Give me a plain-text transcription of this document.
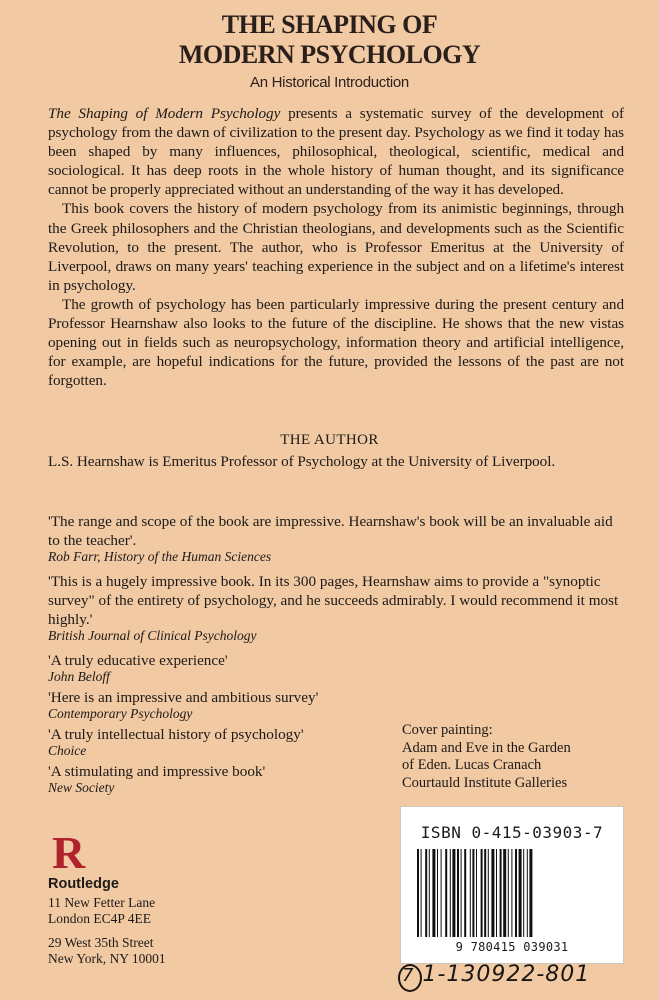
THE SHAPING OF
MODERN PSYCHOLOGY
An Historical Introduction

The Shaping of Modern Psychology presents a systematic survey of the development of psychology from the dawn of civilization to the present day. Psychology as we find it today has been shaped by many influences, philosophical, theological, scientific, medical and sociological. It has deep roots in the whole history of human thought, and its significance cannot be properly appreciated without an understanding of the way it has developed.

This book covers the history of modern psychology from its animistic beginnings, through the Greek philosophers and the Christian theologians, and developments such as the Scientific Revolution, to the present. The author, who is Professor Emeritus at the University of Liverpool, draws on many years' teaching experience in the subject and on a lifetime's interest in psychology.

The growth of psychology has been particularly impressive during the present century and Professor Hearnshaw also looks to the future of the discipline. He shows that the new vistas opening out in fields such as neuropsychology, information theory and artificial intelligence, for example, are hopeful indications for the future, provided the lessons of the past are not forgotten.

THE AUTHOR
L.S. Hearnshaw is Emeritus Professor of Psychology at the University of Liverpool.
'The range and scope of the book are impressive. Hearnshaw's book will be an invaluable aid to the teacher'.
Rob Farr, History of the Human Sciences
'This is a hugely impressive book. In its 300 pages, Hearnshaw aims to provide a "synoptic survey" of the entirety of psychology, and he succeeds admirably. I would recommend it most highly.'
British Journal of Clinical Psychology
'A truly educative experience'
John Beloff
'Here is an impressive and ambitious survey'
Contemporary Psychology
'A truly intellectual history of psychology'
Choice
'A stimulating and impressive book'
New Society
Cover painting:
Adam and Eve in the Garden
of Eden. Lucas Cranach
Courtauld Institute Galleries
R
Routledge
11 New Fetter Lane
London EC4P 4EE
29 West 35th Street
New York, NY 10001
ISBN 0-415-03903-7
9 780415 039031
7 1-130922-801
